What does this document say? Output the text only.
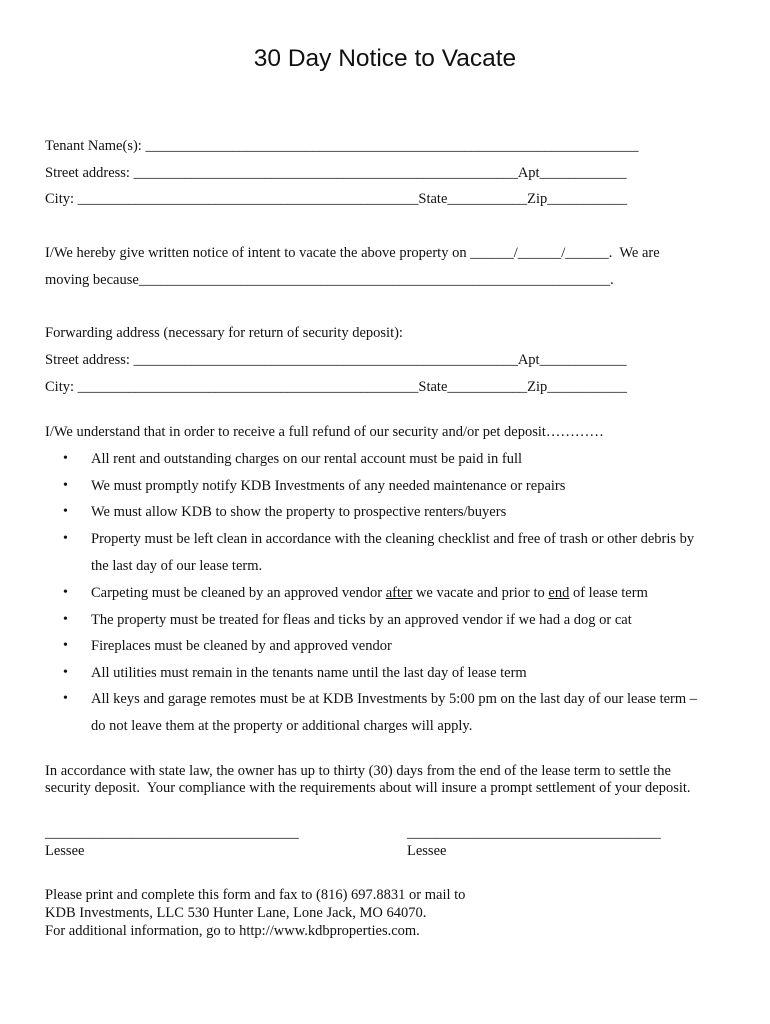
30 Day Notice to Vacate
Tenant Name(s): ____________________________________________________________________
Street address: _____________________________________________________Apt____________
City: _______________________________________________State___________Zip___________
I/We hereby give written notice of intent to vacate the above property on ______/______/______.  We are
moving because_________________________________________________________________.
Forwarding address (necessary for return of security deposit):
Street address: _____________________________________________________Apt____________
City: _______________________________________________State___________Zip___________
I/We understand that in order to receive a full refund of our security and/or pet deposit…………
• All rent and outstanding charges on our rental account must be paid in full
• We must promptly notify KDB Investments of any needed maintenance or repairs
• We must allow KDB to show the property to prospective renters/buyers
• Property must be left clean in accordance with the cleaning checklist and free of trash or other debris by
the last day of our lease term.
• Carpeting must be cleaned by an approved vendor after we vacate and prior to end of lease term
• The property must be treated for fleas and ticks by an approved vendor if we had a dog or cat
• Fireplaces must be cleaned by and approved vendor
• All utilities must remain in the tenants name until the last day of lease term
• All keys and garage remotes must be at KDB Investments by 5:00 pm on the last day of our lease term –
do not leave them at the property or additional charges will apply.
In accordance with state law, the owner has up to thirty (30) days from the end of the lease term to settle the
security deposit.  Your compliance with the requirements about will insure a prompt settlement of your deposit.
___________________________________	___________________________________
Lessee	Lessee
Please print and complete this form and fax to (816) 697.8831 or mail to
KDB Investments, LLC 530 Hunter Lane, Lone Jack, MO 64070.
For additional information, go to http://www.kdbproperties.com.
